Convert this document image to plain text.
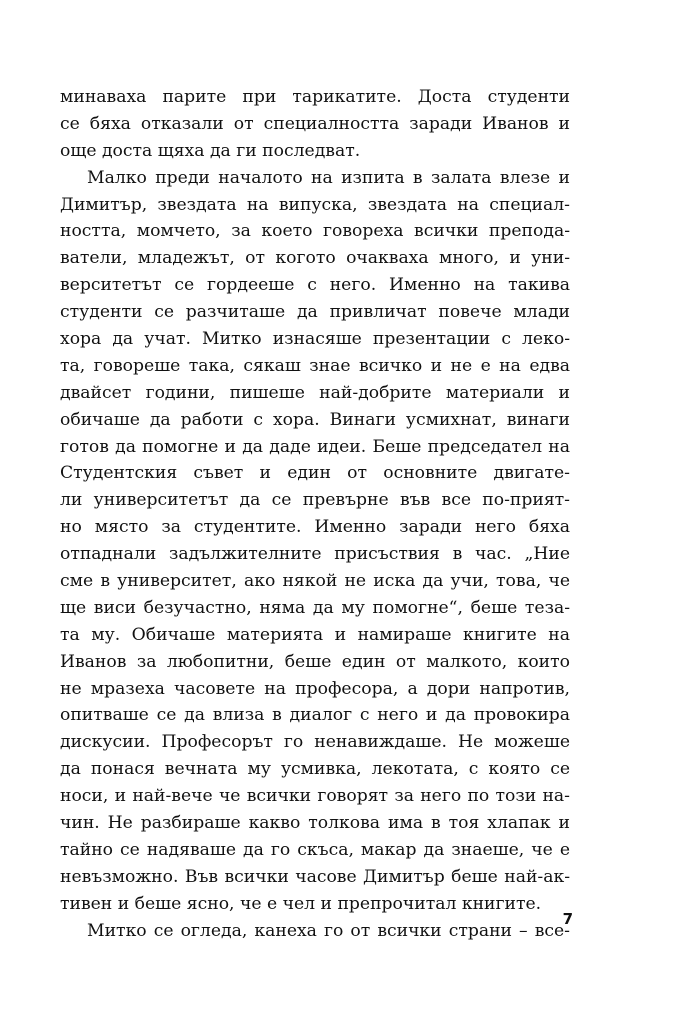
минаваха парите при тарикатите. Доста студенти
се бяха отказали от специалността заради Иванов и
още доста щяха да ги последват.
Малко преди началото на изпита в залата влезе и
Димитър, звездата на випуска, звездата на специал-
ността, момчето, за което говореха всички препода-
ватели, младежът, от когото очакваха много, и уни-
верситетът се гордееше с него. Именно на такива
студенти се разчиташе да привличат повече млади
хора да учат. Митко изнасяше презентации с леко-
та, говореше така, сякаш знае всичко и не е на едва
двайсет години, пишеше най-добрите материали и
обичаше да работи с хора. Винаги усмихнат, винаги
готов да помогне и да даде идеи. Беше председател на
Студентския съвет и един от основните двигате-
ли университетът да се превърне във все по-прият-
но място за студентите. Именно заради него бяха
отпаднали задължителните присъствия в час. „Ние
сме в университет, ако някой не иска да учи, това, че
ще виси безучастно, няма да му помогне“, беше теза-
та му. Обичаше материята и намираше книгите на
Иванов за любопитни, беше един от малкото, които
не мразеха часовете на професора, а дори напротив,
опитваше се да влиза в диалог с него и да провокира
дискусии. Професорът го ненавиждаше. Не можеше
да понася вечната му усмивка, лекотата, с която се
носи, и най-вече че всички говорят за него по този на-
чин. Не разбираше какво толкова има в тоя хлапак и
тайно се надяваше да го скъса, макар да знаеше, че е
невъзможно. Във всички часове Димитър беше най-ак-
тивен и беше ясно, че е чел и препрочитал книгите.
Митко се огледа, канеха го от всички страни – все-
7
